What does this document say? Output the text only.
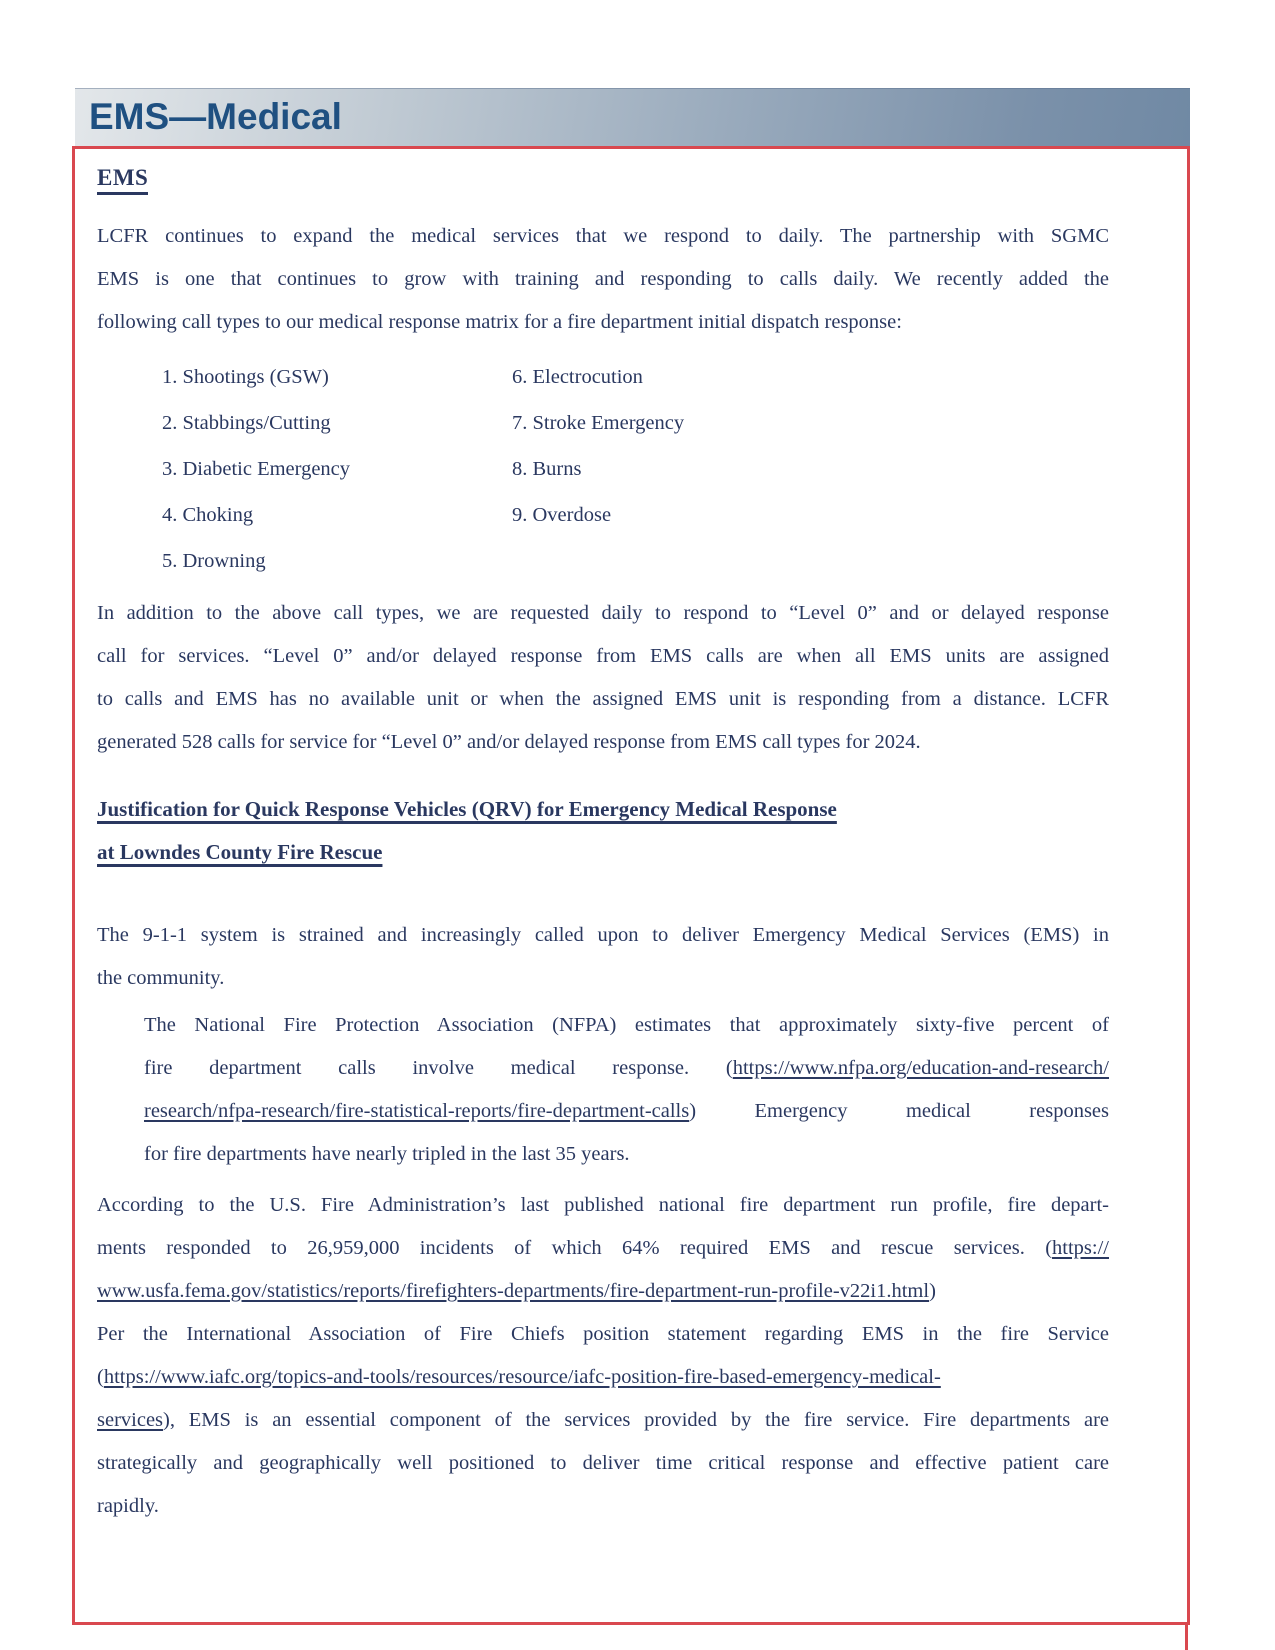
EMS—Medical
EMS
LCFR continues to expand the medical services that we respond to daily. The partnership with SGMC
EMS is one that continues to grow with training and responding to calls daily. We recently added the
following call types to our medical response matrix for a fire department initial dispatch response:
1. Shootings (GSW)
2. Stabbings/Cutting
3. Diabetic Emergency
4. Choking
5. Drowning
6. Electrocution
7. Stroke Emergency
8. Burns
9. Overdose
In addition to the above call types, we are requested daily to respond to “Level 0” and or delayed response
call for services. “Level 0” and/or delayed response from EMS calls are when all EMS units are assigned
to calls and EMS has no available unit or when the assigned EMS unit is responding from a distance. LCFR
generated 528 calls for service for “Level 0” and/or delayed response from EMS call types for 2024.
Justification for Quick Response Vehicles (QRV) for Emergency Medical Response
at Lowndes County Fire Rescue
The 9-1-1 system is strained and increasingly called upon to deliver Emergency Medical Services (EMS) in
the community.
The National Fire Protection Association (NFPA) estimates that approximately sixty-five percent of
fire department calls involve medical response. (https://www.nfpa.org/education-and-research/
research/nfpa-research/fire-statistical-reports/fire-department-calls) Emergency medical responses
for fire departments have nearly tripled in the last 35 years.
According to the U.S. Fire Administration’s last published national fire department run profile, fire depart-
ments responded to 26,959,000 incidents of which 64% required EMS and rescue services. (https://
www.usfa.fema.gov/statistics/reports/firefighters-departments/fire-department-run-profile-v22i1.html)
Per the International Association of Fire Chiefs position statement regarding EMS in the fire Service
(https://www.iafc.org/topics-and-tools/resources/resource/iafc-position-fire-based-emergency-medical-
services), EMS is an essential component of the services provided by the fire service. Fire departments are
strategically and geographically well positioned to deliver time critical response and effective patient care
rapidly.
